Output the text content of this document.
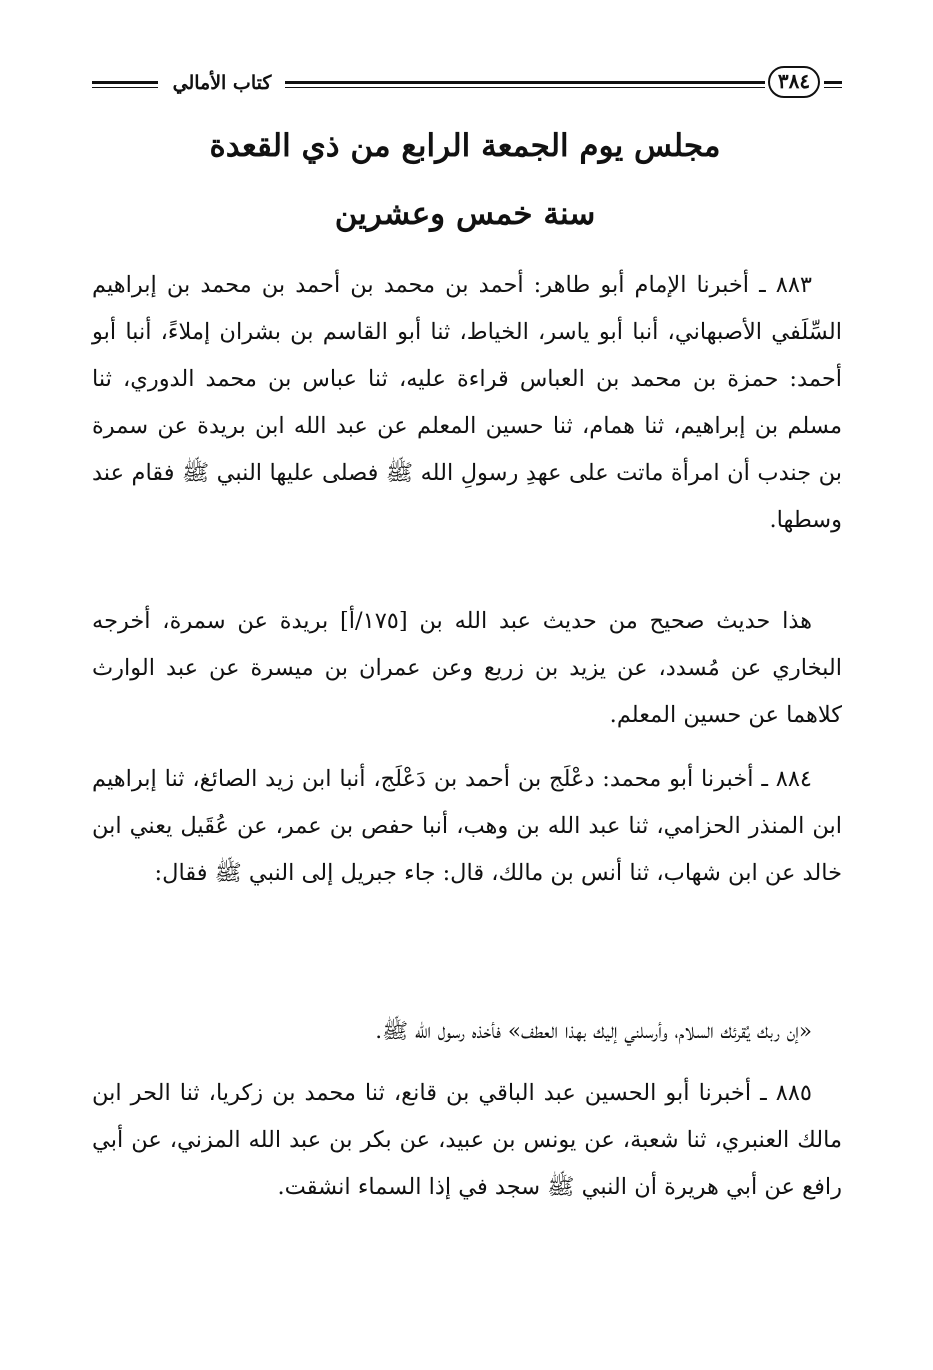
كتاب الأمالي	٣٨٤
مجلس يوم الجمعة الرابع من ذي القعدة
سنة خمس وعشرين
٨٨٣ ـ أخبرنا الإمام أبو طاهر: أحمد بن محمد بن أحمد بن محمد بن إبراهيم السِّلَفي الأصبهاني، أنبا أبو ياسر، الخياط، ثنا أبو القاسم بن بشران إملاءً، أنبا أبو أحمد: حمزة بن محمد بن العباس قراءة عليه، ثنا عباس بن محمد الدوري، ثنا مسلم بن إبراهيم، ثنا همام، ثنا حسين المعلم عن عبد الله ابن بريدة عن سمرة بن جندب أن امرأة ماتت على عهدِ رسولِ الله ﷺ فصلى عليها النبي ﷺ فقام عند وسطها.
هذا حديث صحيح من حديث عبد الله بن [١٧٥/أ] بريدة عن سمرة، أخرجه البخاري عن مُسدد، عن يزيد بن زريع وعن عمران بن ميسرة عن عبد الوارث كلاهما عن حسين المعلم.
٨٨٤ ـ أخبرنا أبو محمد: دعْلَج بن أحمد بن دَعْلَج، أنبا ابن زيد الصائغ، ثنا إبراهيم ابن المنذر الحزامي، ثنا عبد الله بن وهب، أنبا حفص بن عمر، عن عُقَيل يعني ابن خالد عن ابن شهاب، ثنا أنس بن مالك، قال: جاء جبريل إلى النبي ﷺ فقال:
«إن ربك يُقرئك السلام، وأرسلني إليك بهذا العطف» فأخذه رسول الله ﷺ.
٨٨٥ ـ أخبرنا أبو الحسين عبد الباقي بن قانع، ثنا محمد بن زكريا، ثنا الحر ابن مالك العنبري، ثنا شعبة، عن يونس بن عبيد، عن بكر بن عبد الله المزني، عن أبي رافع عن أبي هريرة أن النبي ﷺ سجد في إذا السماء انشقت.
